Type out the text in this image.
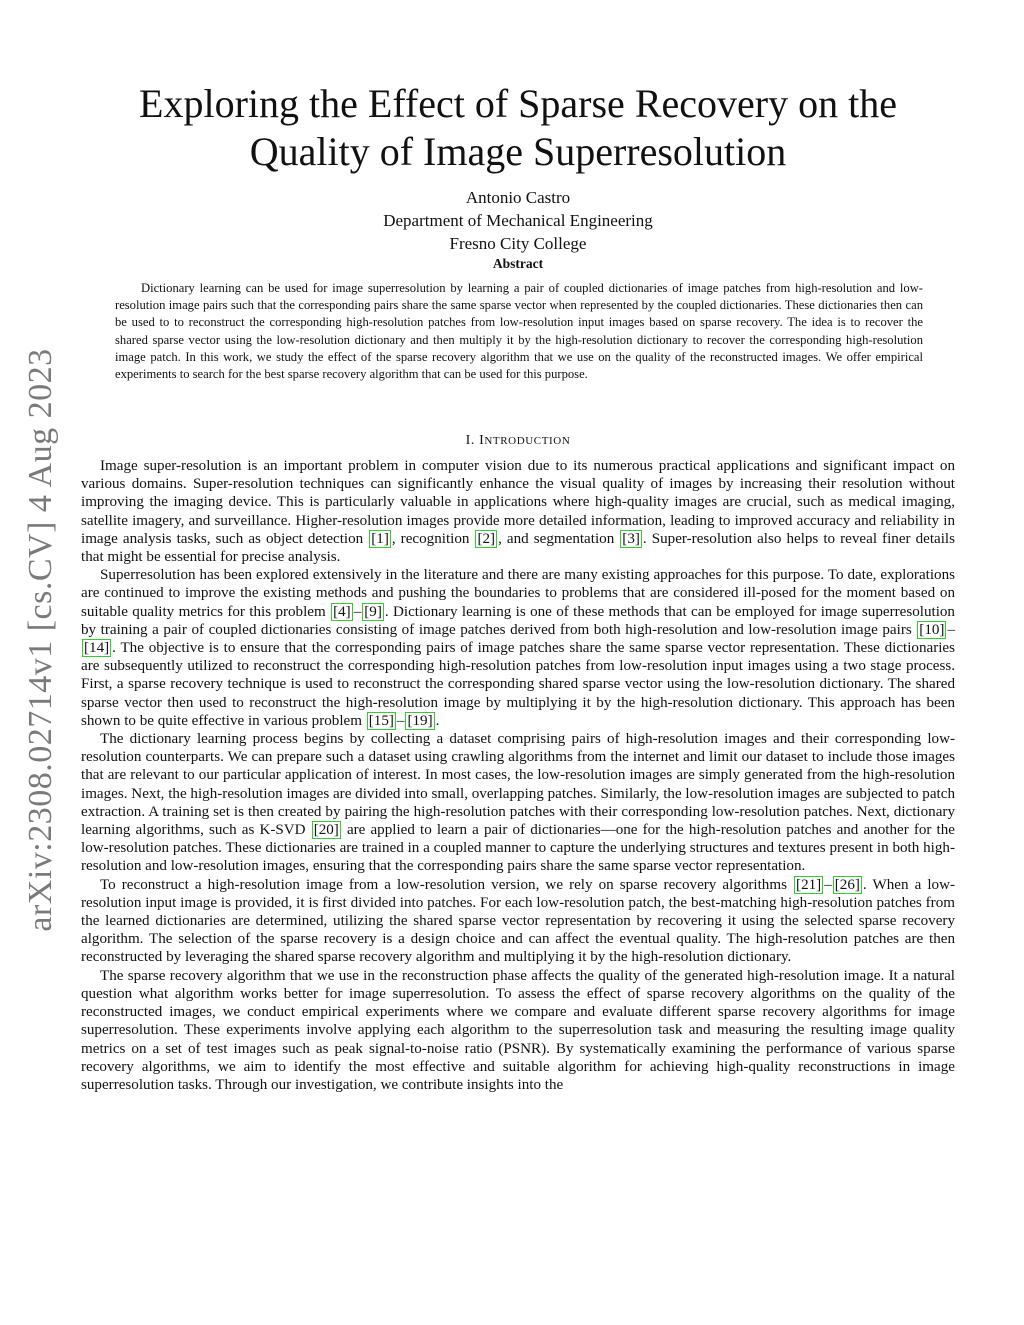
arXiv:2308.02714v1 [cs.CV] 4 Aug 2023
Exploring the Effect of Sparse Recovery on the
Quality of Image Superresolution
Antonio Castro
Department of Mechanical Engineering
Fresno City College
Abstract

Dictionary learning can be used for image superresolution by learning a pair of coupled dictionaries of image patches from high-resolution and low-resolution image pairs such that the corresponding pairs share the same sparse vector when represented by the coupled dictionaries. These dictionaries then can be used to to reconstruct the corresponding high-resolution patches from low-resolution input images based on sparse recovery. The idea is to recover the shared sparse vector using the low-resolution dictionary and then multiply it by the high-resolution dictionary to recover the corresponding high-resolution image patch. In this work, we study the effect of the sparse recovery algorithm that we use on the quality of the reconstructed images. We offer empirical experiments to search for the best sparse recovery algorithm that can be used for this purpose.

I. INTRODUCTION

Image super-resolution is an important problem in computer vision due to its numerous practical applications and significant impact on various domains. Super-resolution techniques can significantly enhance the visual quality of images by increasing their resolution without improving the imaging device. This is particularly valuable in applications where high-quality images are crucial, such as medical imaging, satellite imagery, and surveillance. Higher-resolution images provide more detailed information, leading to improved accuracy and reliability in image analysis tasks, such as object detection [1] , recognition [2] , and segmentation [3] . Super-resolution also helps to reveal finer details that might be essential for precise analysis.

Superresolution has been explored extensively in the literature and there are many existing approaches for this purpose. To date, explorations are continued to improve the existing methods and pushing the boundaries to problems that are considered ill-posed for the moment based on suitable quality metrics for this problem [4] – [9] . Dictionary learning is one of these methods that can be employed for image superresolution by training a pair of coupled dictionaries consisting of image patches derived from both high-resolution and low-resolution image pairs [10] –[14] . The objective is to ensure that the corresponding pairs of image patches share the same sparse vector representation. These dictionaries are subsequently utilized to reconstruct the corresponding high-resolution patches from low-resolution input images using a two stage process. First, a sparse recovery technique is used to reconstruct the corresponding shared sparse vector using the low-resolution dictionary. The shared sparse vector then used to reconstruct the high-resolution image by multiplying it by the high-resolution dictionary. This approach has been shown to be quite effective in various problem [15] – [19] .

The dictionary learning process begins by collecting a dataset comprising pairs of high-resolution images and their corresponding low-resolution counterparts. We can prepare such a dataset using crawling algorithms from the internet and limit our dataset to include those images that are relevant to our particular application of interest. In most cases, the low-resolution images are simply generated from the high-resolution images. Next, the high-resolution images are divided into small, overlapping patches. Similarly, the low-resolution images are subjected to patch extraction. A training set is then created by pairing the high-resolution patches with their corresponding low-resolution patches. Next, dictionary learning algorithms, such as K-SVD [20] are applied to learn a pair of dictionaries—one for the high-resolution patches and another for the low-resolution patches. These dictionaries are trained in a coupled manner to capture the underlying structures and textures present in both high-resolution and low-resolution images, ensuring that the corresponding pairs share the same sparse vector representation.

To reconstruct a high-resolution image from a low-resolution version, we rely on sparse recovery algorithms [21] – [26] . When a low-resolution input image is provided, it is first divided into patches. For each low-resolution patch, the best-matching high-resolution patches from the learned dictionaries are determined, utilizing the shared sparse vector representation by recovering it using the selected sparse recovery algorithm. The selection of the sparse recovery is a design choice and can affect the eventual quality. The high-resolution patches are then reconstructed by leveraging the shared sparse recovery algorithm and multiplying it by the high-resolution dictionary.

The sparse recovery algorithm that we use in the reconstruction phase affects the quality of the generated high-resolution image. It a natural question what algorithm works better for image superresolution. To assess the effect of sparse recovery algorithms on the quality of the reconstructed images, we conduct empirical experiments where we compare and evaluate different sparse recovery algorithms for image superresolution. These experiments involve applying each algorithm to the superresolution task and measuring the resulting image quality metrics on a set of test images such as peak signal-to-noise ratio (PSNR). By systematically examining the performance of various sparse recovery algorithms, we aim to identify the most effective and suitable algorithm for achieving high-quality reconstructions in image superresolution tasks. Through our investigation, we contribute insights into the
